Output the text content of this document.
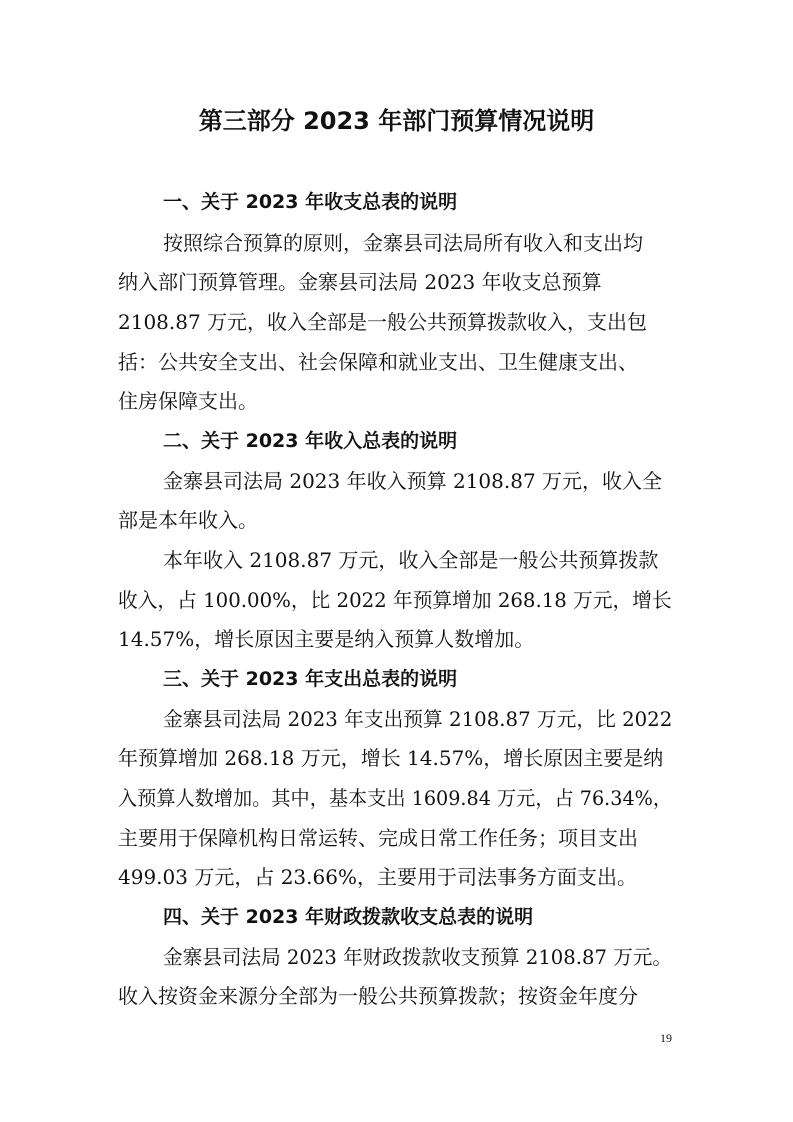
第三部分 2023 年部门预算情况说明
一、关于 2023 年收支总表的说明
按照综合预算的原则，金寨县司法局所有收入和支出均
纳入部门预算管理。金寨县司法局 2023 年收支总预算
2108.87 万元，收入全部是一般公共预算拨款收入，支出包
括：公共安全支出、社会保障和就业支出、卫生健康支出、
住房保障支出。
二、关于 2023 年收入总表的说明
金寨县司法局 2023 年收入预算 2108.87 万元，收入全
部是本年收入。
本年收入 2108.87 万元，收入全部是一般公共预算拨款
收入，占 100.00%，比 2022 年预算增加 268.18 万元，增长
14.57%，增长原因主要是纳入预算人数增加。
三、关于 2023 年支出总表的说明
金寨县司法局 2023 年支出预算 2108.87 万元，比 2022
年预算增加 268.18 万元，增长 14.57%，增长原因主要是纳
入预算人数增加。其中，基本支出 1609.84 万元，占 76.34%，
主要用于保障机构日常运转、完成日常工作任务；项目支出
499.03 万元，占 23.66%，主要用于司法事务方面支出。
四、关于 2023 年财政拨款收支总表的说明
金寨县司法局 2023 年财政拨款收支预算 2108.87 万元。
收入按资金来源分全部为一般公共预算拨款；按资金年度分
19
